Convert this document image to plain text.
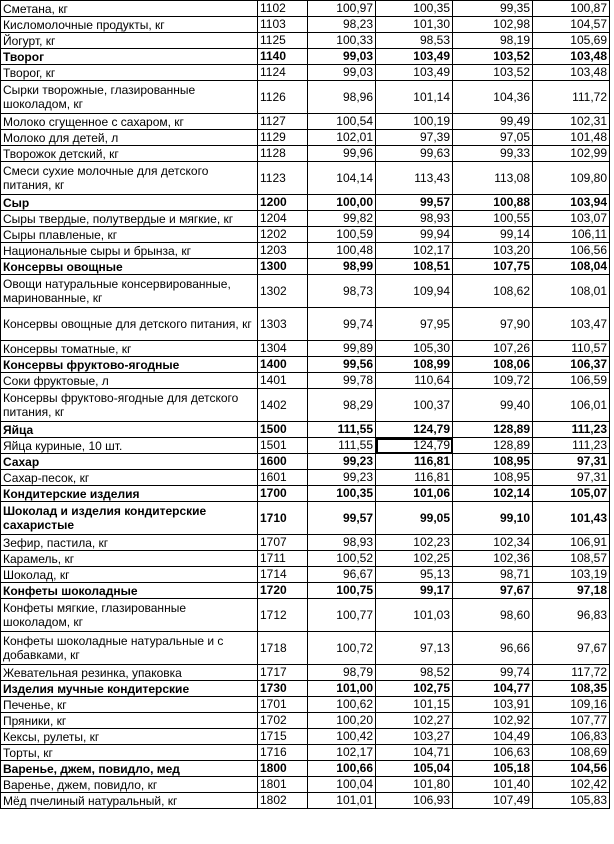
Сметана, кг	1102	100,97	100,35	99,35	100,87
Кисломолочные продукты, кг	1103	98,23	101,30	102,98	104,57
Йогурт, кг	1125	100,33	98,53	98,19	105,69
Творог	1140	99,03	103,49	103,52	103,48
Творог, кг	1124	99,03	103,49	103,52	103,48
Сырки творожные, глазированные шоколадом, кг	1126	98,96	101,14	104,36	111,72
Молоко сгущенное с сахаром, кг	1127	100,54	100,19	99,49	102,31
Молоко для детей, л	1129	102,01	97,39	97,05	101,48
Творожок детский, кг	1128	99,96	99,63	99,33	102,99
Смеси сухие молочные для детского питания, кг	1123	104,14	113,43	113,08	109,80
Сыр	1200	100,00	99,57	100,88	103,94
Сыры твердые, полутвердые и мягкие, кг	1204	99,82	98,93	100,55	103,07
Сыры плавленые, кг	1202	100,59	99,94	99,14	106,11
Национальные сыры и брынза, кг	1203	100,48	102,17	103,20	106,56
Консервы овощные	1300	98,99	108,51	107,75	108,04
Овощи натуральные консервированные, маринованные, кг	1302	98,73	109,94	108,62	108,01
Консервы овощные для детского питания, кг	1303	99,74	97,95	97,90	103,47
Консервы томатные, кг	1304	99,89	105,30	107,26	110,57
Консервы фруктово-ягодные	1400	99,56	108,99	108,06	106,37
Соки фруктовые, л	1401	99,78	110,64	109,72	106,59
Консервы фруктово-ягодные для детского питания, кг	1402	98,29	100,37	99,40	106,01
Яйца	1500	111,55	124,79	128,89	111,23
Яйца куриные, 10 шт.	1501	111,55	124,79	128,89	111,23
Сахар	1600	99,23	116,81	108,95	97,31
Сахар-песок, кг	1601	99,23	116,81	108,95	97,31
Кондитерские изделия	1700	100,35	101,06	102,14	105,07
Шоколад и изделия кондитерские сахаристые	1710	99,57	99,05	99,10	101,43
Зефир, пастила, кг	1707	98,93	102,23	102,34	106,91
Карамель, кг	1711	100,52	102,25	102,36	108,57
Шоколад, кг	1714	96,67	95,13	98,71	103,19
Конфеты шоколадные	1720	100,75	99,17	97,67	97,18
Конфеты мягкие, глазированные шоколадом, кг	1712	100,77	101,03	98,60	96,83
Конфеты шоколадные натуральные и с добавками, кг	1718	100,72	97,13	96,66	97,67
Жевательная резинка, упаковка	1717	98,79	98,52	99,74	117,72
Изделия мучные кондитерские	1730	101,00	102,75	104,77	108,35
Печенье, кг	1701	100,62	101,15	103,91	109,16
Пряники, кг	1702	100,20	102,27	102,92	107,77
Кексы, рулеты, кг	1715	100,42	103,27	104,49	106,83
Торты, кг	1716	102,17	104,71	106,63	108,69
Варенье, джем, повидло, мед	1800	100,66	105,04	105,18	104,56
Варенье, джем, повидло, кг	1801	100,04	101,80	101,40	102,42
Мёд пчелиный натуральный, кг	1802	101,01	106,93	107,49	105,83
